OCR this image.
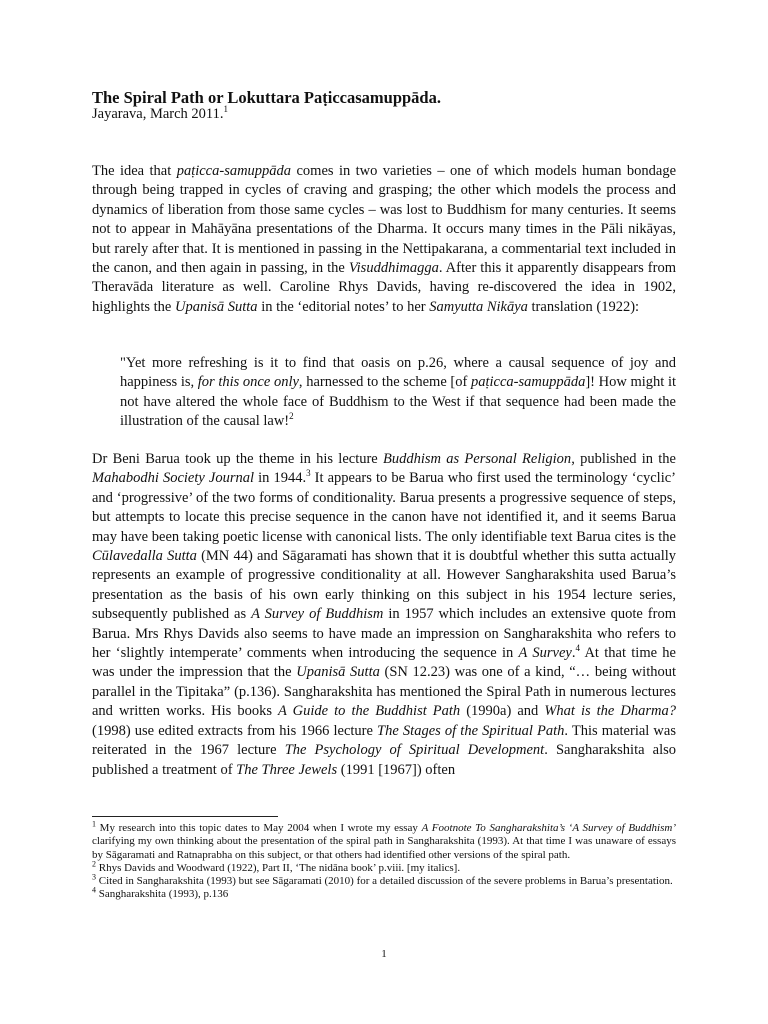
The Spiral Path or Lokuttara Paṭiccasamuppāda.
Jayarava, March 2011.$^1$

The idea that paṭicca-samuppāda comes in two varieties – one of which models human bondage through being trapped in cycles of craving and grasping; the other which models the process and dynamics of liberation from those same cycles – was lost to Buddhism for many centuries. It seems not to appear in Mahāyāna presentations of the Dharma. It occurs many times in the Pāli nikāyas, but rarely after that. It is mentioned in passing in the Nettipakarana, a commentarial text included in the canon, and then again in passing, in the Visuddhimagga. After this it apparently disappears from Theravāda literature as well. Caroline Rhys Davids, having re-discovered the idea in 1902, highlights the Upanisā Sutta in the ‘editorial notes’ to her Samyutta Nikāya translation (1922):

"Yet more refreshing is it to find that oasis on p.26, where a causal sequence of joy and happiness is, for this once only, harnessed to the scheme [of paṭicca-samuppāda]! How might it not have altered the whole face of Buddhism to the West if that sequence had been made the illustration of the causal law!$^2$

Dr Beni Barua took up the theme in his lecture Buddhism as Personal Religion, published in the Mahabodhi Society Journal in 1944.$^3$ It appears to be Barua who first used the terminology ‘cyclic’ and ‘progressive’ of the two forms of conditionality. Barua presents a progressive sequence of steps, but attempts to locate this precise sequence in the canon have not identified it, and it seems Barua may have been taking poetic license with canonical lists. The only identifiable text Barua cites is the Cūlavedalla Sutta (MN 44) and Sāgaramati has shown that it is doubtful whether this sutta actually represents an example of progressive conditionality at all. However Sangharakshita used Barua’s presentation as the basis of his own early thinking on this subject in his 1954 lecture series, subsequently published as A Survey of Buddhism in 1957 which includes an extensive quote from Barua. Mrs Rhys Davids also seems to have made an impression on Sangharakshita who refers to her ‘slightly intemperate’ comments when introducing the sequence in A Survey.$^4$ At that time he was under the impression that the Upanisā Sutta (SN 12.23) was one of a kind, “… being without parallel in the Tipitaka” (p.136). Sangharakshita has mentioned the Spiral Path in numerous lectures and written works. His books A Guide to the Buddhist Path (1990a) and What is the Dharma? (1998) use edited extracts from his 1966 lecture The Stages of the Spiritual Path. This material was reiterated in the 1967 lecture The Psychology of Spiritual Development. Sangharakshita also published a treatment of The Three Jewels (1991 [1967]) often

$^1$ My research into this topic dates to May 2004 when I wrote my essay A Footnote To Sangharakshita’s ‘A Survey of Buddhism’ clarifying my own thinking about the presentation of the spiral path in Sangharakshita (1993). At that time I was unaware of essays by Sāgaramati and Ratnaprabha on this subject, or that others had identified other versions of the spiral path.

$^2$ Rhys Davids and Woodward (1922), Part II, ‘The nidāna book’ p.viii. [my italics].

$^3$ Cited in Sangharakshita (1993) but see Sāgaramati (2010) for a detailed discussion of the severe problems in Barua’s presentation.

$^4$ Sangharakshita (1993), p.136

1
